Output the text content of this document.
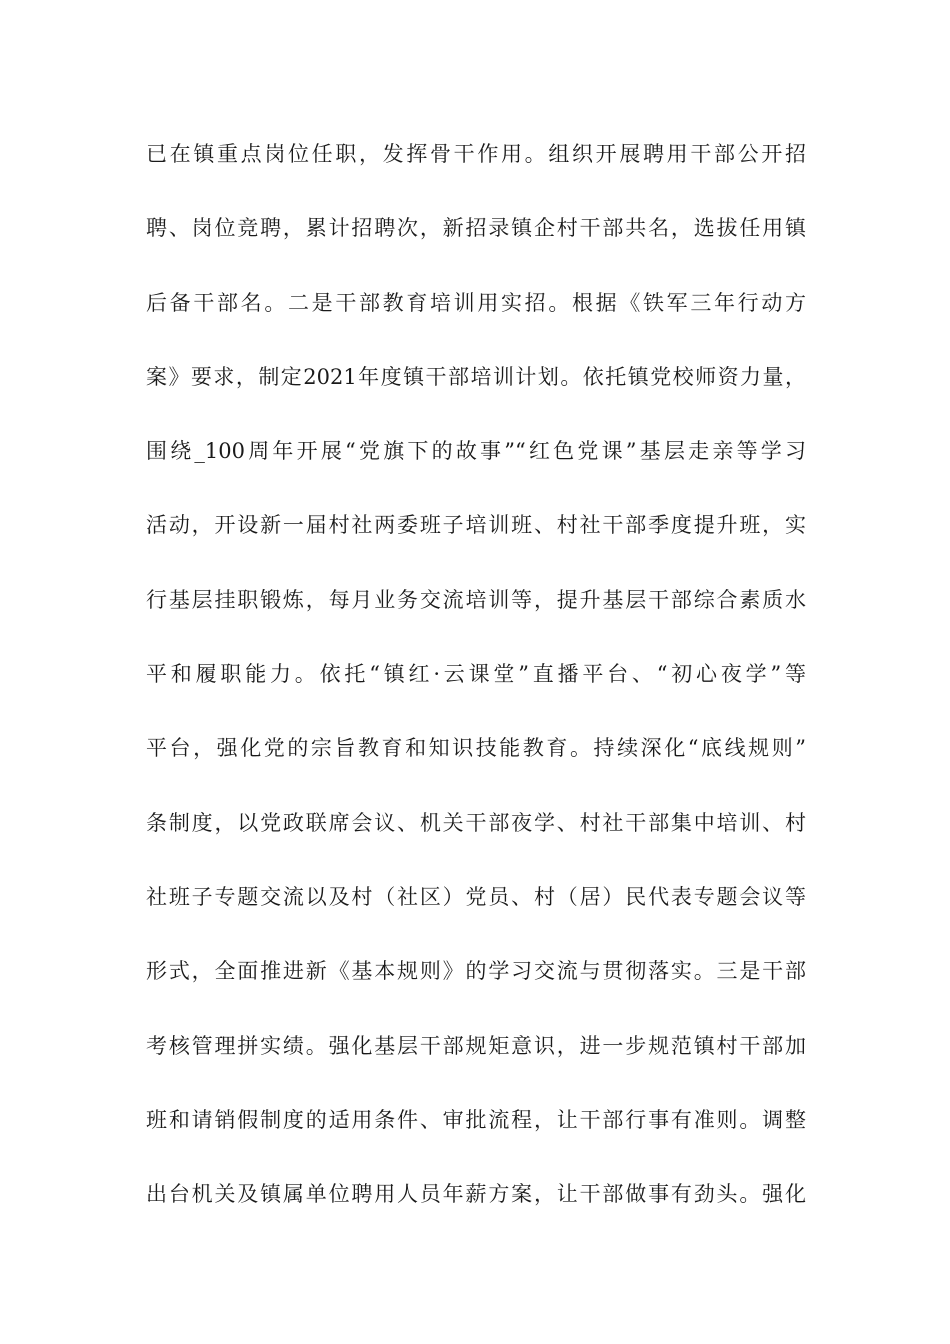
已在镇重点岗位任职，发挥骨干作用。组织开展聘用干部公开招
聘、岗位竞聘，累计招聘次，新招录镇企村干部共名，选拔任用镇
后备干部名。二是干部教育培训用实招。根据《铁军三年行动方
案》要求，制定2021年度镇干部培训计划。依托镇党校师资力量，
围绕_100周年开展“党旗下的故事”“红色党课”基层走亲等学习
活动，开设新一届村社两委班子培训班、村社干部季度提升班，实
行基层挂职锻炼，每月业务交流培训等，提升基层干部综合素质水
平和履职能力。依托“镇红·云课堂”直播平台、“初心夜学”等
平台，强化党的宗旨教育和知识技能教育。持续深化“底线规则”
条制度，以党政联席会议、机关干部夜学、村社干部集中培训、村
社班子专题交流以及村（社区）党员、村（居）民代表专题会议等
形式，全面推进新《基本规则》的学习交流与贯彻落实。三是干部
考核管理拼实绩。强化基层干部规矩意识，进一步规范镇村干部加
班和请销假制度的适用条件、审批流程，让干部行事有准则。调整
出台机关及镇属单位聘用人员年薪方案，让干部做事有劲头。强化
